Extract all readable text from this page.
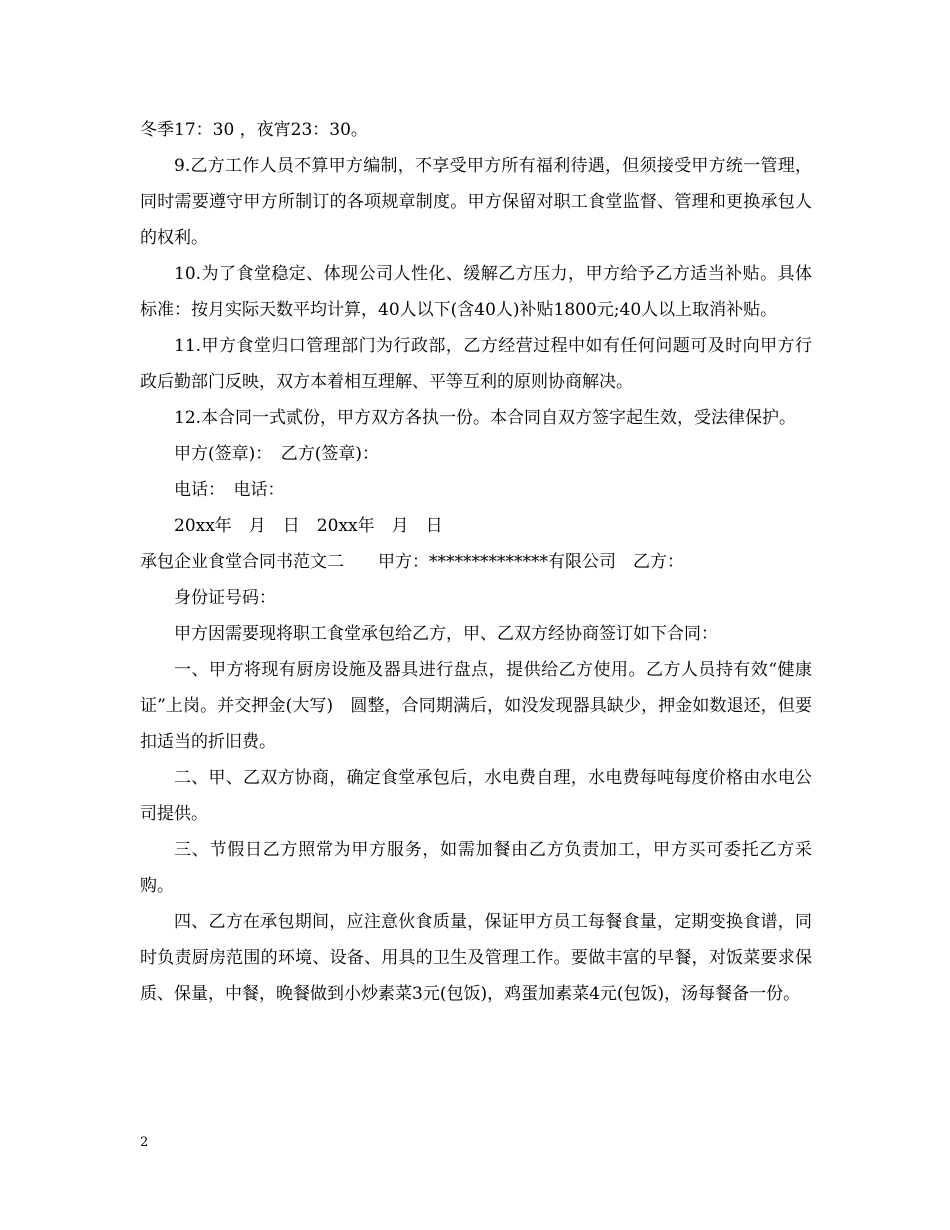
冬季17：30 ，夜宵23：30。

9.乙方工作人员不算甲方编制，不享受甲方所有福利待遇，但须接受甲方统一管理，同时需要遵守甲方所制订的各项规章制度。甲方保留对职工食堂监督、管理和更换承包人的权利。

10.为了食堂稳定、体现公司人性化、缓解乙方压力，甲方给予乙方适当补贴。具体标准：按月实际天数平均计算，40人以下(含40人)补贴1800元;40人以上取消补贴。

11.甲方食堂归口管理部门为行政部，乙方经营过程中如有任何问题可及时向甲方行政后勤部门反映，双方本着相互理解、平等互利的原则协商解决。

12.本合同一式贰份，甲方双方各执一份。本合同自双方签字起生效，受法律保护。

甲方(签章)：　乙方(签章)：

电话：　电话：

20xx年　月　日　20xx年　月　日

承包企业食堂合同书范文二　　甲方：**************有限公司　乙方：

身份证号码：

甲方因需要现将职工食堂承包给乙方，甲、乙双方经协商签订如下合同：

一、甲方将现有厨房设施及器具进行盘点，提供给乙方使用。乙方人员持有效“健康证”上岗。并交押金(大写)　圆整，合同期满后，如没发现器具缺少，押金如数退还，但要扣适当的折旧费。

二、甲、乙双方协商，确定食堂承包后，水电费自理，水电费每吨每度价格由水电公司提供。

三、节假日乙方照常为甲方服务，如需加餐由乙方负责加工，甲方买可委托乙方采购。

四、乙方在承包期间，应注意伙食质量，保证甲方员工每餐食量，定期变换食谱，同时负责厨房范围的环境、设备、用具的卫生及管理工作。要做丰富的早餐，对饭菜要求保质、保量，中餐，晚餐做到小炒素菜3元(包饭)，鸡蛋加素菜4元(包饭)，汤每餐备一份。

2
